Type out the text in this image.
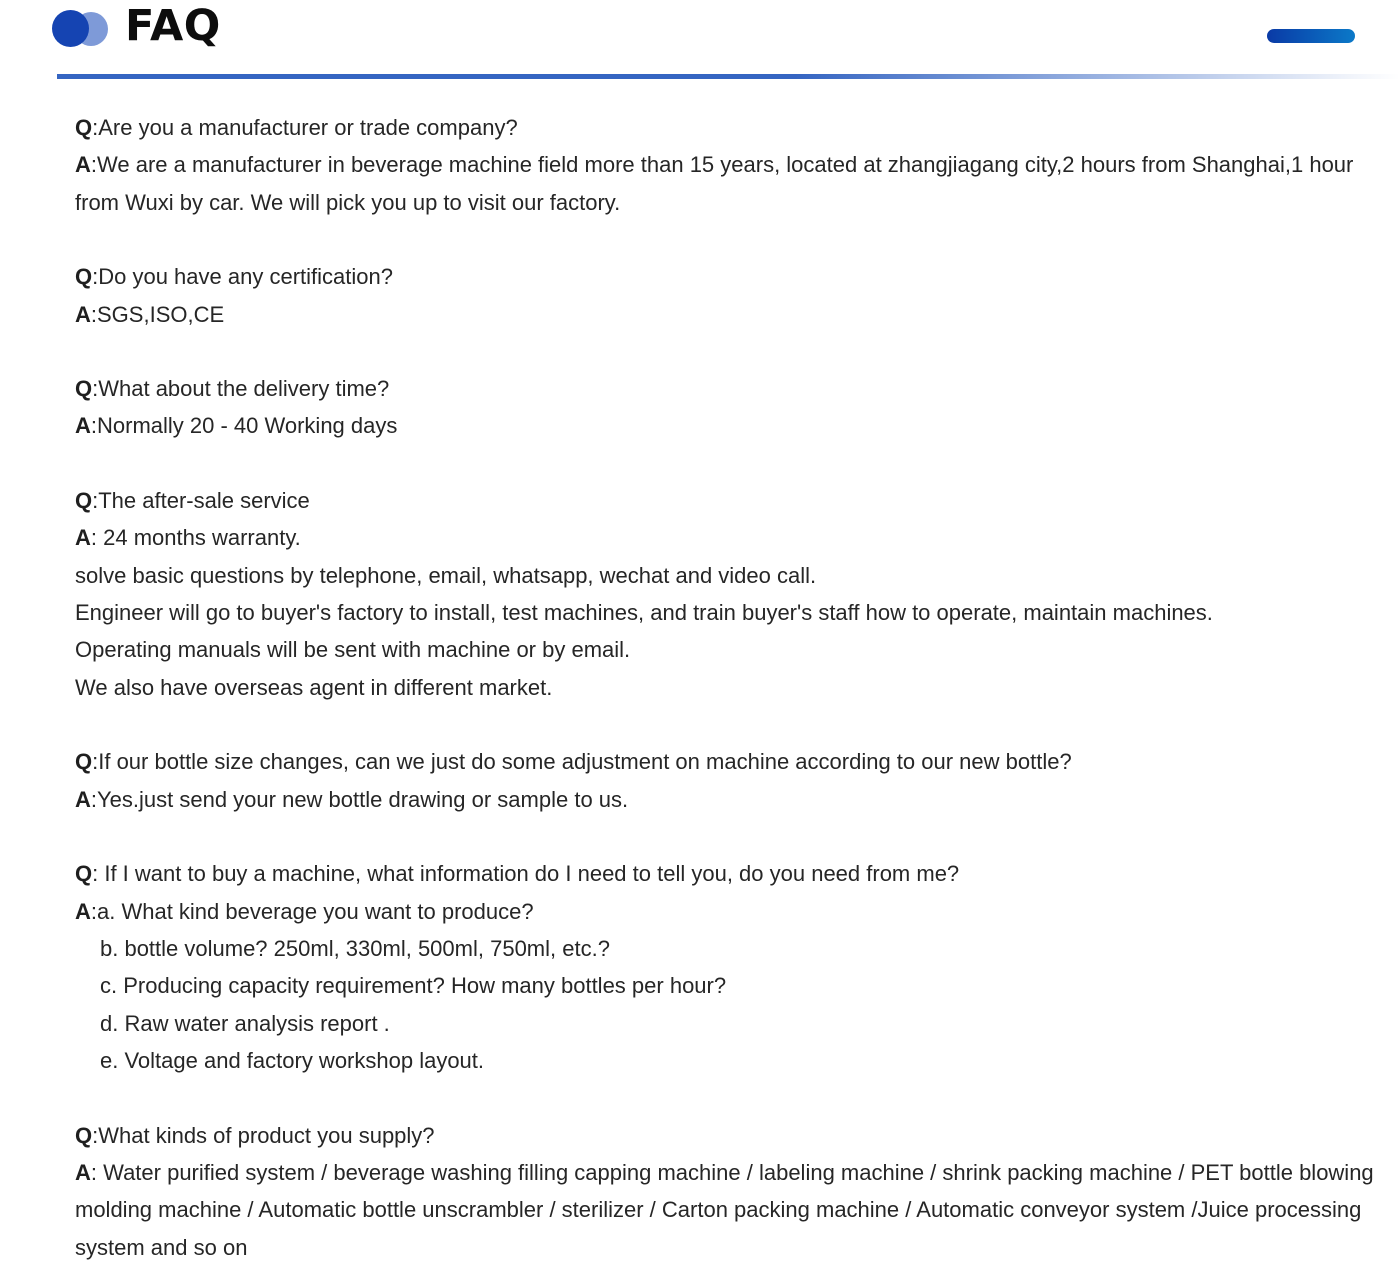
FAQ

Q:Are you a manufacturer or trade company?

A:We are a manufacturer in beverage machine field more than 15 years, located at zhangjiagang city,2 hours from Shanghai,1 hour from Wuxi by car. We will pick you up to visit our factory.

Q:Do you have any certification?

A:SGS,ISO,CE

Q:What about the delivery time?

A:Normally 20 - 40 Working days

Q:The after-sale service

A: 24 months warranty.

solve basic questions by telephone, email, whatsapp, wechat and video call.

Engineer will go to buyer's factory to install, test machines, and train buyer's staff how to operate, maintain machines.

Operating manuals will be sent with machine or by email.

We also have overseas agent in different market.

Q:If our bottle size changes, can we just do some adjustment on machine according to our new bottle?

A:Yes.just send your new bottle drawing or sample to us.

Q: If I want to buy a machine, what information do I need to tell you, do you need from me?

A:a. What kind beverage you want to produce?

b. bottle volume? 250ml, 330ml, 500ml, 750ml, etc.?

c. Producing capacity requirement? How many bottles per hour?

d. Raw water analysis report .

e. Voltage and factory workshop layout.

Q:What kinds of product you supply?

A: Water purified system / beverage washing filling capping machine / labeling machine / shrink packing machine / PET bottle blowing molding machine / Automatic bottle unscrambler / sterilizer / Carton packing machine / Automatic conveyor system /Juice processing system and so on
